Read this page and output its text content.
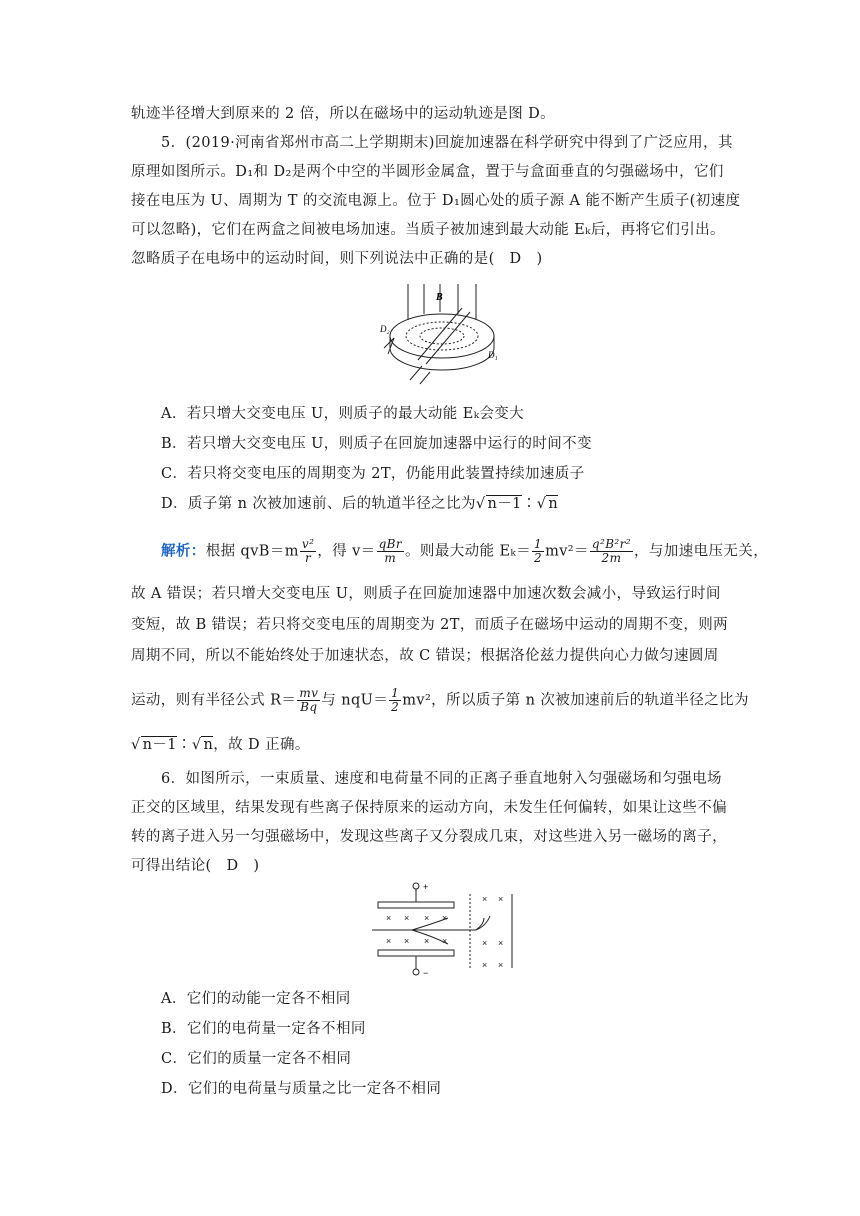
轨迹半径增大到原来的 2 倍，所以在磁场中的运动轨迹是图 D。
5．(2019·河南省郑州市高二上学期期末)回旋加速器在科学研究中得到了广泛应用，其
原理如图所示。D₁和 D₂是两个中空的半圆形金属盒，置于与盒面垂直的匀强磁场中，它们
接在电压为 U、周期为 T 的交流电源上。位于 D₁圆心处的质子源 A 能不断产生质子(初速度
可以忽略)，它们在两盒之间被电场加速。当质子被加速到最大动能 Eₖ后，再将它们引出。
忽略质子在电场中的运动时间，则下列说法中正确的是(　D　)
B
D₂
D₁
A．若只增大交变电压 U，则质子的最大动能 Eₖ会变大
B．若只增大交变电压 U，则质子在回旋加速器中运行的时间不变
C．若只将交变电压的周期变为 2T，仍能用此装置持续加速质子
D．质子第 n 次被加速前、后的轨道半径之比为√ n－1∶√ n
解析：根据 $qvB=m \frac{\text{v²}}{r}$ ，得 $v= \frac{\text{qBr}}{m}$ 。则最大动能 $E_k= \frac{1}{2} mv^2= \frac{\text{q²B²r²}}{2m}$ ，与加速电压无关，
故 A 错误；若只增大交变电压 U，则质子在回旋加速器中加速次数会减小，导致运行时间
变短，故 B 错误；若只将交变电压的周期变为 2T，而质子在磁场中运动的周期不变，则两
周期不同，所以不能始终处于加速状态，故 C 错误；根据洛伦兹力提供向心力做匀速圆周
运动，则有半径公式 $R= \frac{mv}{Bq}$ 与 $nqU= \frac{1}{2} mv^2$，所以质子第 n 次被加速前后的轨道半径之比为
√ n－1∶√ n，故 D 正确。
6．如图所示，一束质量、速度和电荷量不同的正离子垂直地射入匀强磁场和匀强电场
正交的区域里，结果发现有些离子保持原来的运动方向，未发生任何偏转，如果让这些不偏
转的离子进入另一匀强磁场中，发现这些离子又分裂成几束，对这些进入另一磁场的离子，
可得出结论(　D　)
+
−
× × × ×
× × × ×
× ×
× ×
× ×
A．它们的动能一定各不相同
B．它们的电荷量一定各不相同
C．它们的质量一定各不相同
D．它们的电荷量与质量之比一定各不相同
